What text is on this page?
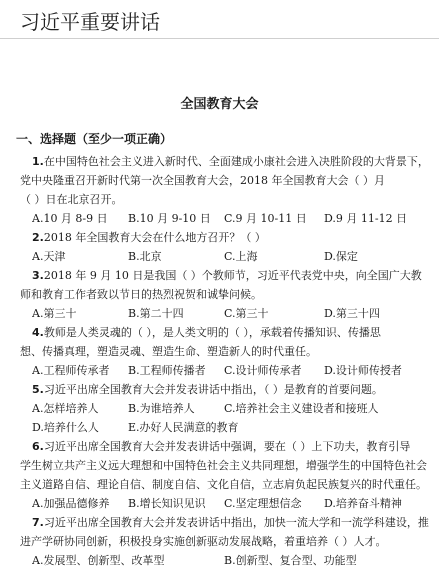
习近平重要讲话
全国教育大会
一、选择题（至少一项正确）
1.在中国特色社会主义进入新时代、全面建成小康社会进入决胜阶段的大背景下，
党中央隆重召开新时代第一次全国教育大会，2018 年全国教育大会（ ）月
（ ）日在北京召开。
A.10 月 8-9 日	B.10 月 9-10 日	C.9 月 10-11 日	D.9 月 11-12 日
2.2018 年全国教育大会在什么地方召开？（ ）
A.天津	B.北京	C.上海	D.保定
3.2018 年 9 月 10 日是我国（ ）个教师节，习近平代表党中央，向全国广大教
师和教育工作者致以节日的热烈祝贺和诚挚问候。
A.第三十	B.第二十四	C.第三十	D.第三十四
4.教师是人类灵魂的（ ），是人类文明的（ ），承载着传播知识、传播思
想、传播真理，塑造灵魂、塑造生命、塑造新人的时代重任。
A.工程师传承者	B.工程师传播者	C.设计师传承者	D.设计师传授者
5.习近平出席全国教育大会并发表讲话中指出，（ ）是教育的首要问题。
A.怎样培养人	B.为谁培养人	C.培养社会主义建设者和接班人
D.培养什么人	E.办好人民满意的教育
6.习近平出席全国教育大会并发表讲话中强调，要在（ ）上下功夫，教育引导
学生树立共产主义远大理想和中国特色社会主义共同理想，增强学生的中国特色社会
主义道路自信、理论自信、制度自信、文化自信，立志肩负起民族复兴的时代重任。
A.加强品德修养	B.增长知识见识	C.坚定理想信念	D.培养奋斗精神
7.习近平出席全国教育大会并发表讲话中指出，加快一流大学和一流学科建设，推
进产学研协同创新，积极投身实施创新驱动发展战略，着重培养（ ）人才。
A.发展型、创新型、改革型	B.创新型、复合型、功能型
